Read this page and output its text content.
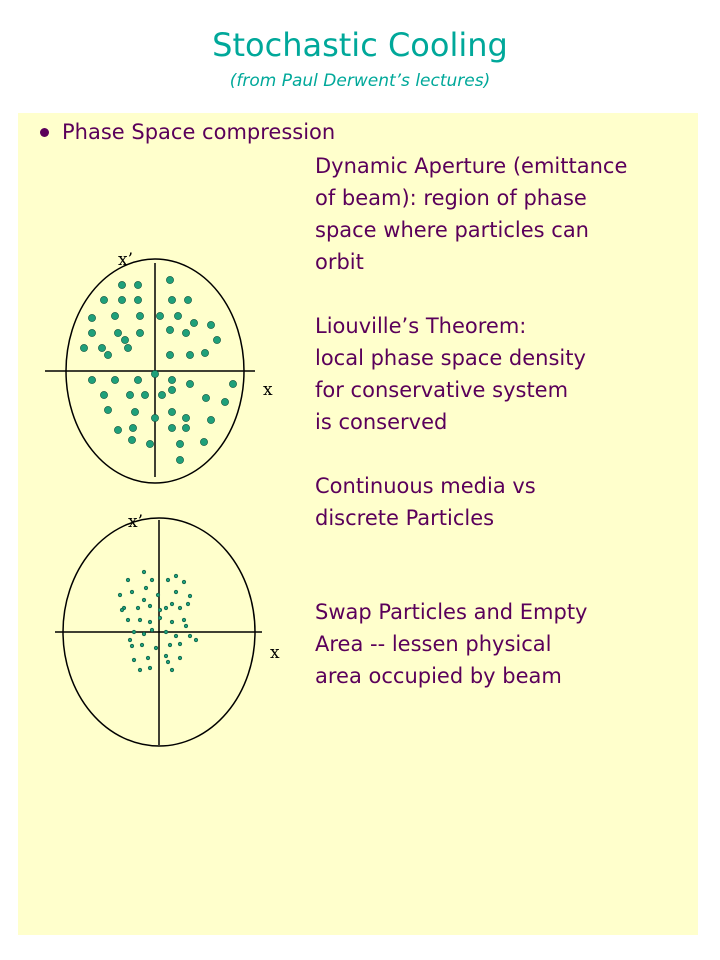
Stochastic Cooling
(from Paul Derwent’s lectures)
Phase Space compression
Dynamic Aperture (emittance
of beam): region of phase
space where particles can
orbit
Liouville’s Theorem:
local phase space density
for conservative system
is conserved
Continuous media vs
discrete Particles
Swap Particles and Empty
Area -- lessen physical
area occupied by beam
x’
x
x’
x
